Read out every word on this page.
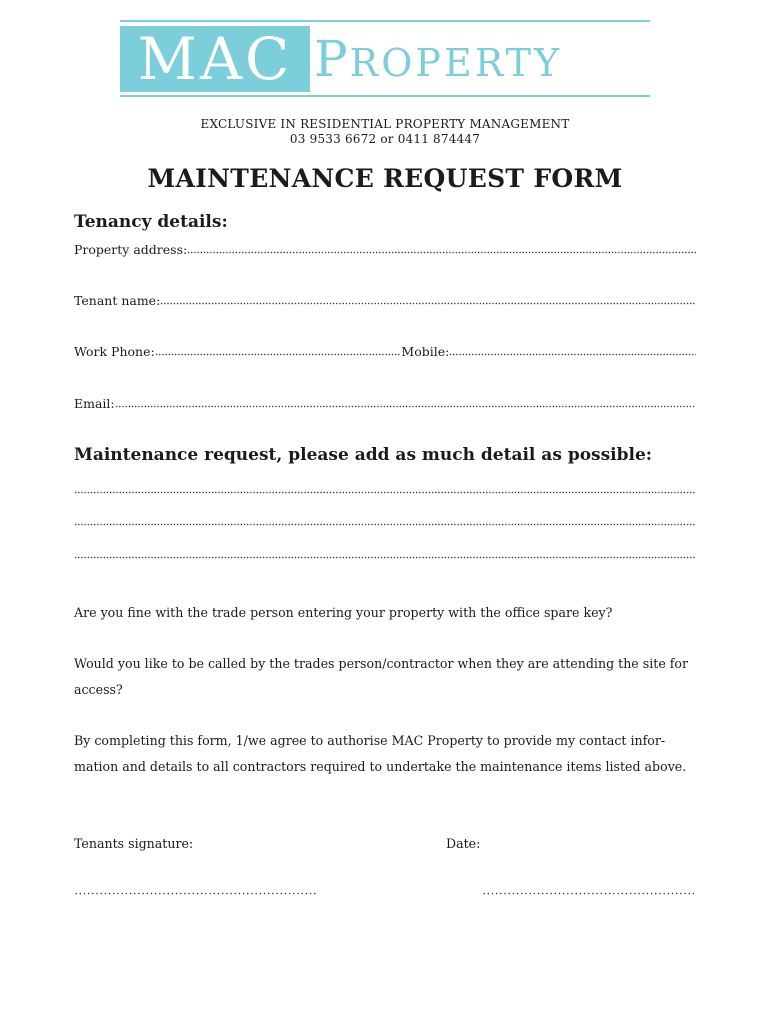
MAC PROPERTY
EXCLUSIVE IN RESIDENTIAL PROPERTY MANAGEMENT
03 9533 6672 or 0411 874447
MAINTENANCE REQUEST FORM
Tenancy details:
Property address:
Tenant name:
Work Phone:	Mobile:
Email:
Maintenance request, please add as much detail as possible:
Are you fine with the trade person entering your property with the office spare key?
Would you like to be called by the trades person/contractor when they are attending the site for access?
By completing this form, 1/we agree to authorise MAC Property to provide my contact infor-mation and details to all contractors required to undertake the maintenance items listed above.
Tenants signature:	Date:
